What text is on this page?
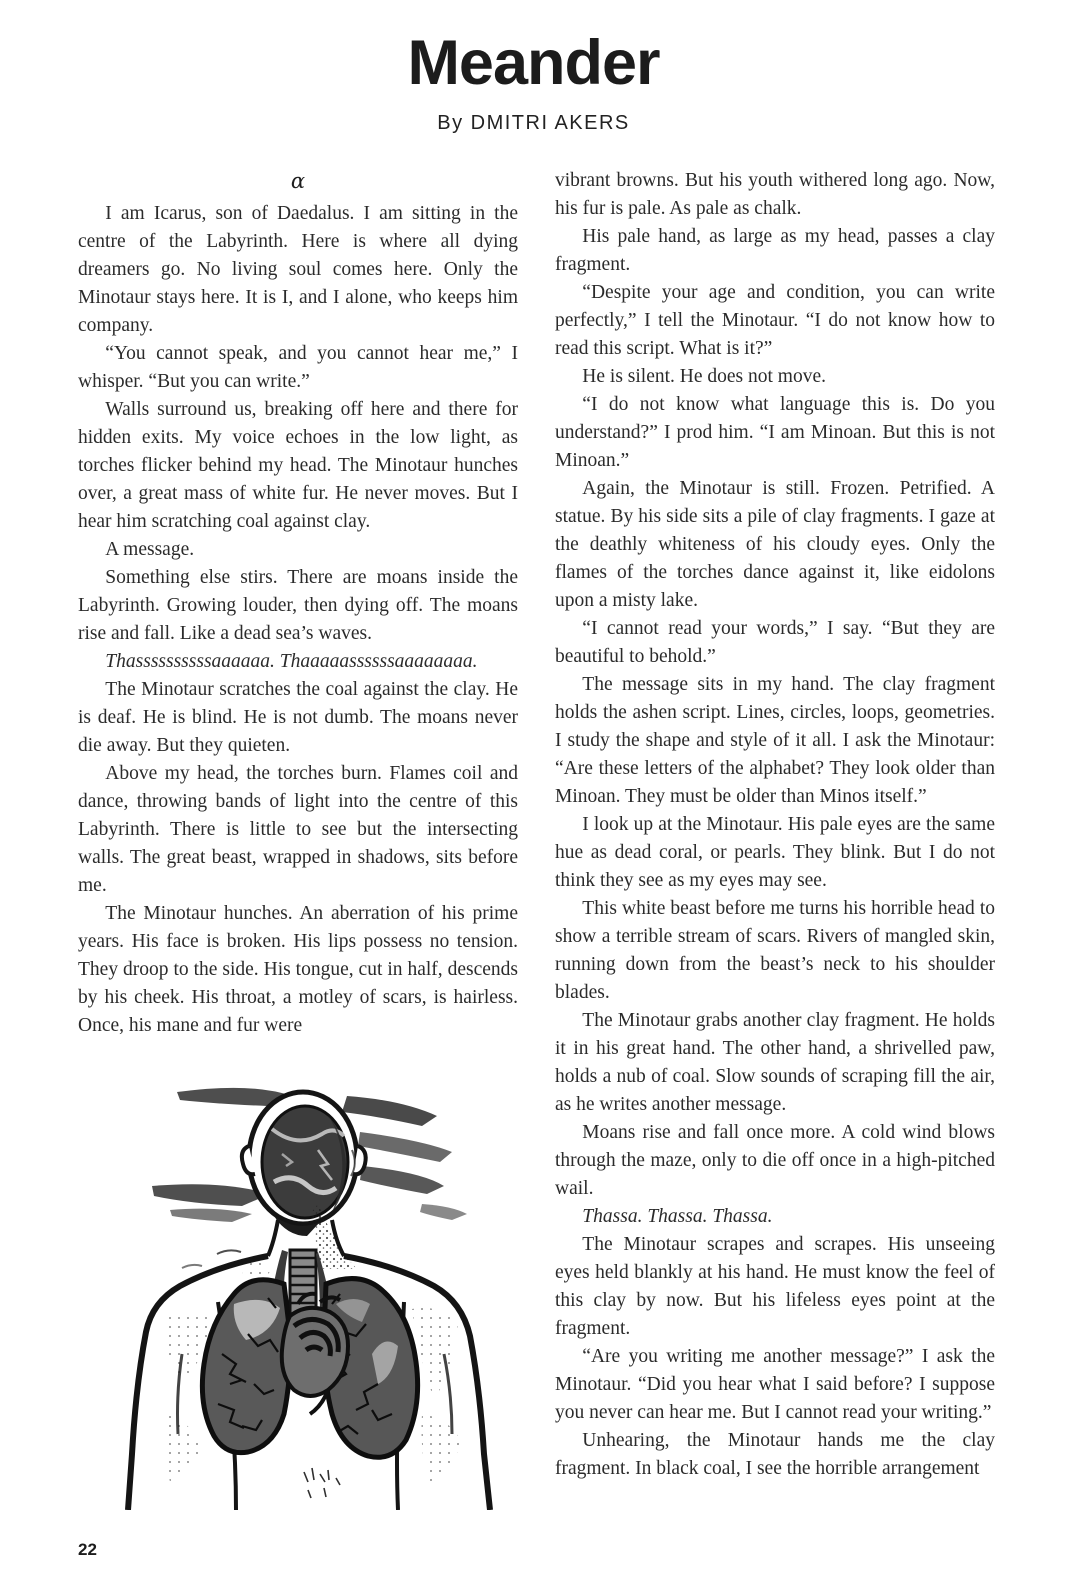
Meander
By DMITRI AKERS
α

I am Icarus, son of Daedalus. I am sitting in the centre of the Labyrinth. Here is where all dying dreamers go. No living soul comes here. Only the Minotaur stays here. It is I, and I alone, who keeps him company.

“You cannot speak, and you cannot hear me,” I whisper. “But you can write.”

Walls surround us, breaking off here and there for hidden exits. My voice echoes in the low light, as torches flicker behind my head. The Minotaur hunches over, a great mass of white fur. He never moves. But I hear him scratching coal against clay.

A message.

Something else stirs. There are moans inside the Labyrinth. Growing louder, then dying off. The moans rise and fall. Like a dead sea’s waves.

Thassssssssssaaaaaa. Thaaaaassssssaaaaaaaa.

The Minotaur scratches the coal against the clay. He is deaf. He is blind. He is not dumb. The moans never die away. But they quieten.

Above my head, the torches burn. Flames coil and dance, throwing bands of light into the centre of this Labyrinth. There is little to see but the intersecting walls. The great beast, wrapped in shadows, sits before me.

The Minotaur hunches. An aberration of his prime years. His face is broken. His lips possess no tension. They droop to the side. His tongue, cut in half, descends by his cheek. His throat, a motley of scars, is hairless. Once, his mane and fur were

vibrant browns. But his youth withered long ago. Now, his fur is pale. As pale as chalk.

His pale hand, as large as my head, passes a clay fragment.

“Despite your age and condition, you can write perfectly,” I tell the Minotaur. “I do not know how to read this script. What is it?”

He is silent. He does not move.

“I do not know what language this is. Do you understand?” I prod him. “I am Minoan. But this is not Minoan.”

Again, the Minotaur is still. Frozen. Petrified. A statue. By his side sits a pile of clay fragments. I gaze at the deathly whiteness of his cloudy eyes. Only the flames of the torches dance against it, like eidolons upon a misty lake.

“I cannot read your words,” I say. “But they are beautiful to behold.”

The message sits in my hand. The clay fragment holds the ashen script. Lines, circles, loops, geometries. I study the shape and style of it all. I ask the Minotaur: “Are these letters of the alphabet? They look older than Minoan. They must be older than Minos itself.”

I look up at the Minotaur. His pale eyes are the same hue as dead coral, or pearls. They blink. But I do not think they see as my eyes may see.

This white beast before me turns his horrible head to show a terrible stream of scars. Rivers of mangled skin, running down from the beast’s neck to his shoulder blades.

The Minotaur grabs another clay fragment. He holds it in his great hand. The other hand, a shrivelled paw, holds a nub of coal. Slow sounds of scraping fill the air, as he writes another message.

Moans rise and fall once more. A cold wind blows through the maze, only to die off once in a high-pitched wail.

Thassa. Thassa. Thassa.

The Minotaur scrapes and scrapes. His unseeing eyes held blankly at his hand. He must know the feel of this clay by now. But his lifeless eyes point at the fragment.

“Are you writing me another message?” I ask the Minotaur. “Did you hear what I said before? I suppose you never can hear me. But I cannot read your writing.”

Unhearing, the Minotaur hands me the clay fragment. In black coal, I see the horrible arrangement

22
